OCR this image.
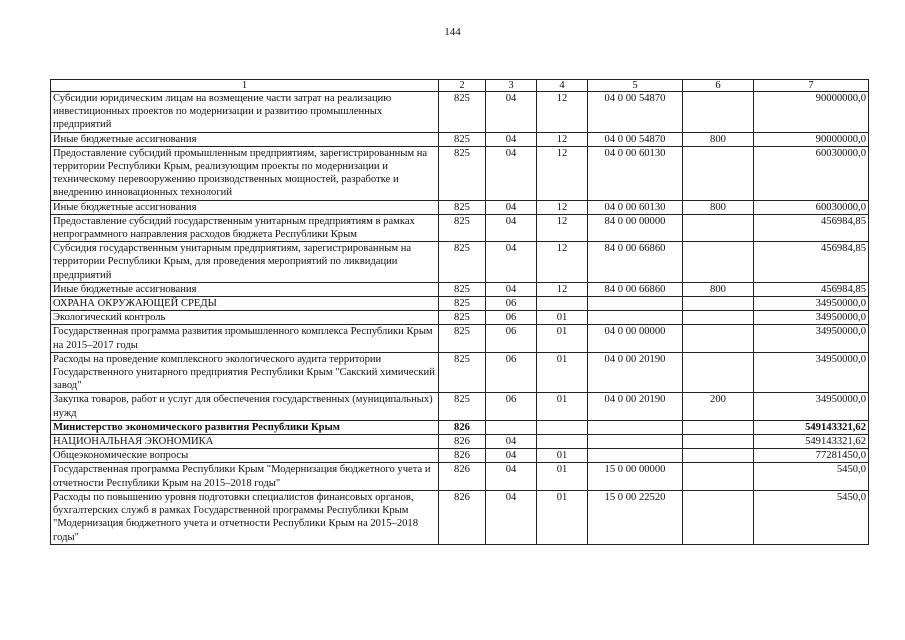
144
1	2	3	4	5	6	7
Субсидии юридическим лицам на возмещение части затрат на реализацию инвестиционных проектов по модернизации и развитию промышленных предприятий	825	04	12	04 0 00 54870		90000000,0
Иные бюджетные ассигнования	825	04	12	04 0 00 54870	800	90000000,0
Предоставление субсидий промышленным предприятиям, зарегистрированным на территории Республики Крым, реализующим проекты по модернизации и техническому перевооружению производственных мощностей, разработке и внедрению инновационных технологий	825	04	12	04 0 00 60130		60030000,0
Иные бюджетные ассигнования	825	04	12	04 0 00 60130	800	60030000,0
Предоставление субсидий государственным унитарным предприятиям в рамках непрограммного направления расходов бюджета Республики Крым	825	04	12	84 0 00 00000		456984,85
Субсидия государственным унитарным предприятиям, зарегистрированным на территории Республики Крым, для проведения мероприятий по ликвидации предприятий	825	04	12	84 0 00 66860		456984,85
Иные бюджетные ассигнования	825	04	12	84 0 00 66860	800	456984,85
ОХРАНА ОКРУЖАЮЩЕЙ СРЕДЫ	825	06				34950000,0
Экологический контроль	825	06	01			34950000,0
Государственная программа развития промышленного комплекса Республики Крым на 2015–2017 годы	825	06	01	04 0 00 00000		34950000,0
Расходы на проведение комплексного экологического аудита территории Государственного унитарного предприятия Республики Крым "Сакский химический завод"	825	06	01	04 0 00 20190		34950000,0
Закупка товаров, работ и услуг для обеспечения государственных (муниципальных) нужд	825	06	01	04 0 00 20190	200	34950000,0
Министерство экономического развития Республики Крым	826					549143321,62
НАЦИОНАЛЬНАЯ ЭКОНОМИКА	826	04				549143321,62
Общеэкономические вопросы	826	04	01			77281450,0
Государственная программа Республики Крым "Модернизация бюджетного учета и отчетности Республики Крым на 2015–2018 годы"	826	04	01	15 0 00 00000		5450,0
Расходы по повышению уровня подготовки специалистов финансовых органов, бухгалтерских служб в рамках Государственной программы Республики Крым "Модернизация бюджетного учета и отчетности Республики Крым на 2015–2018 годы"	826	04	01	15 0 00 22520		5450,0
